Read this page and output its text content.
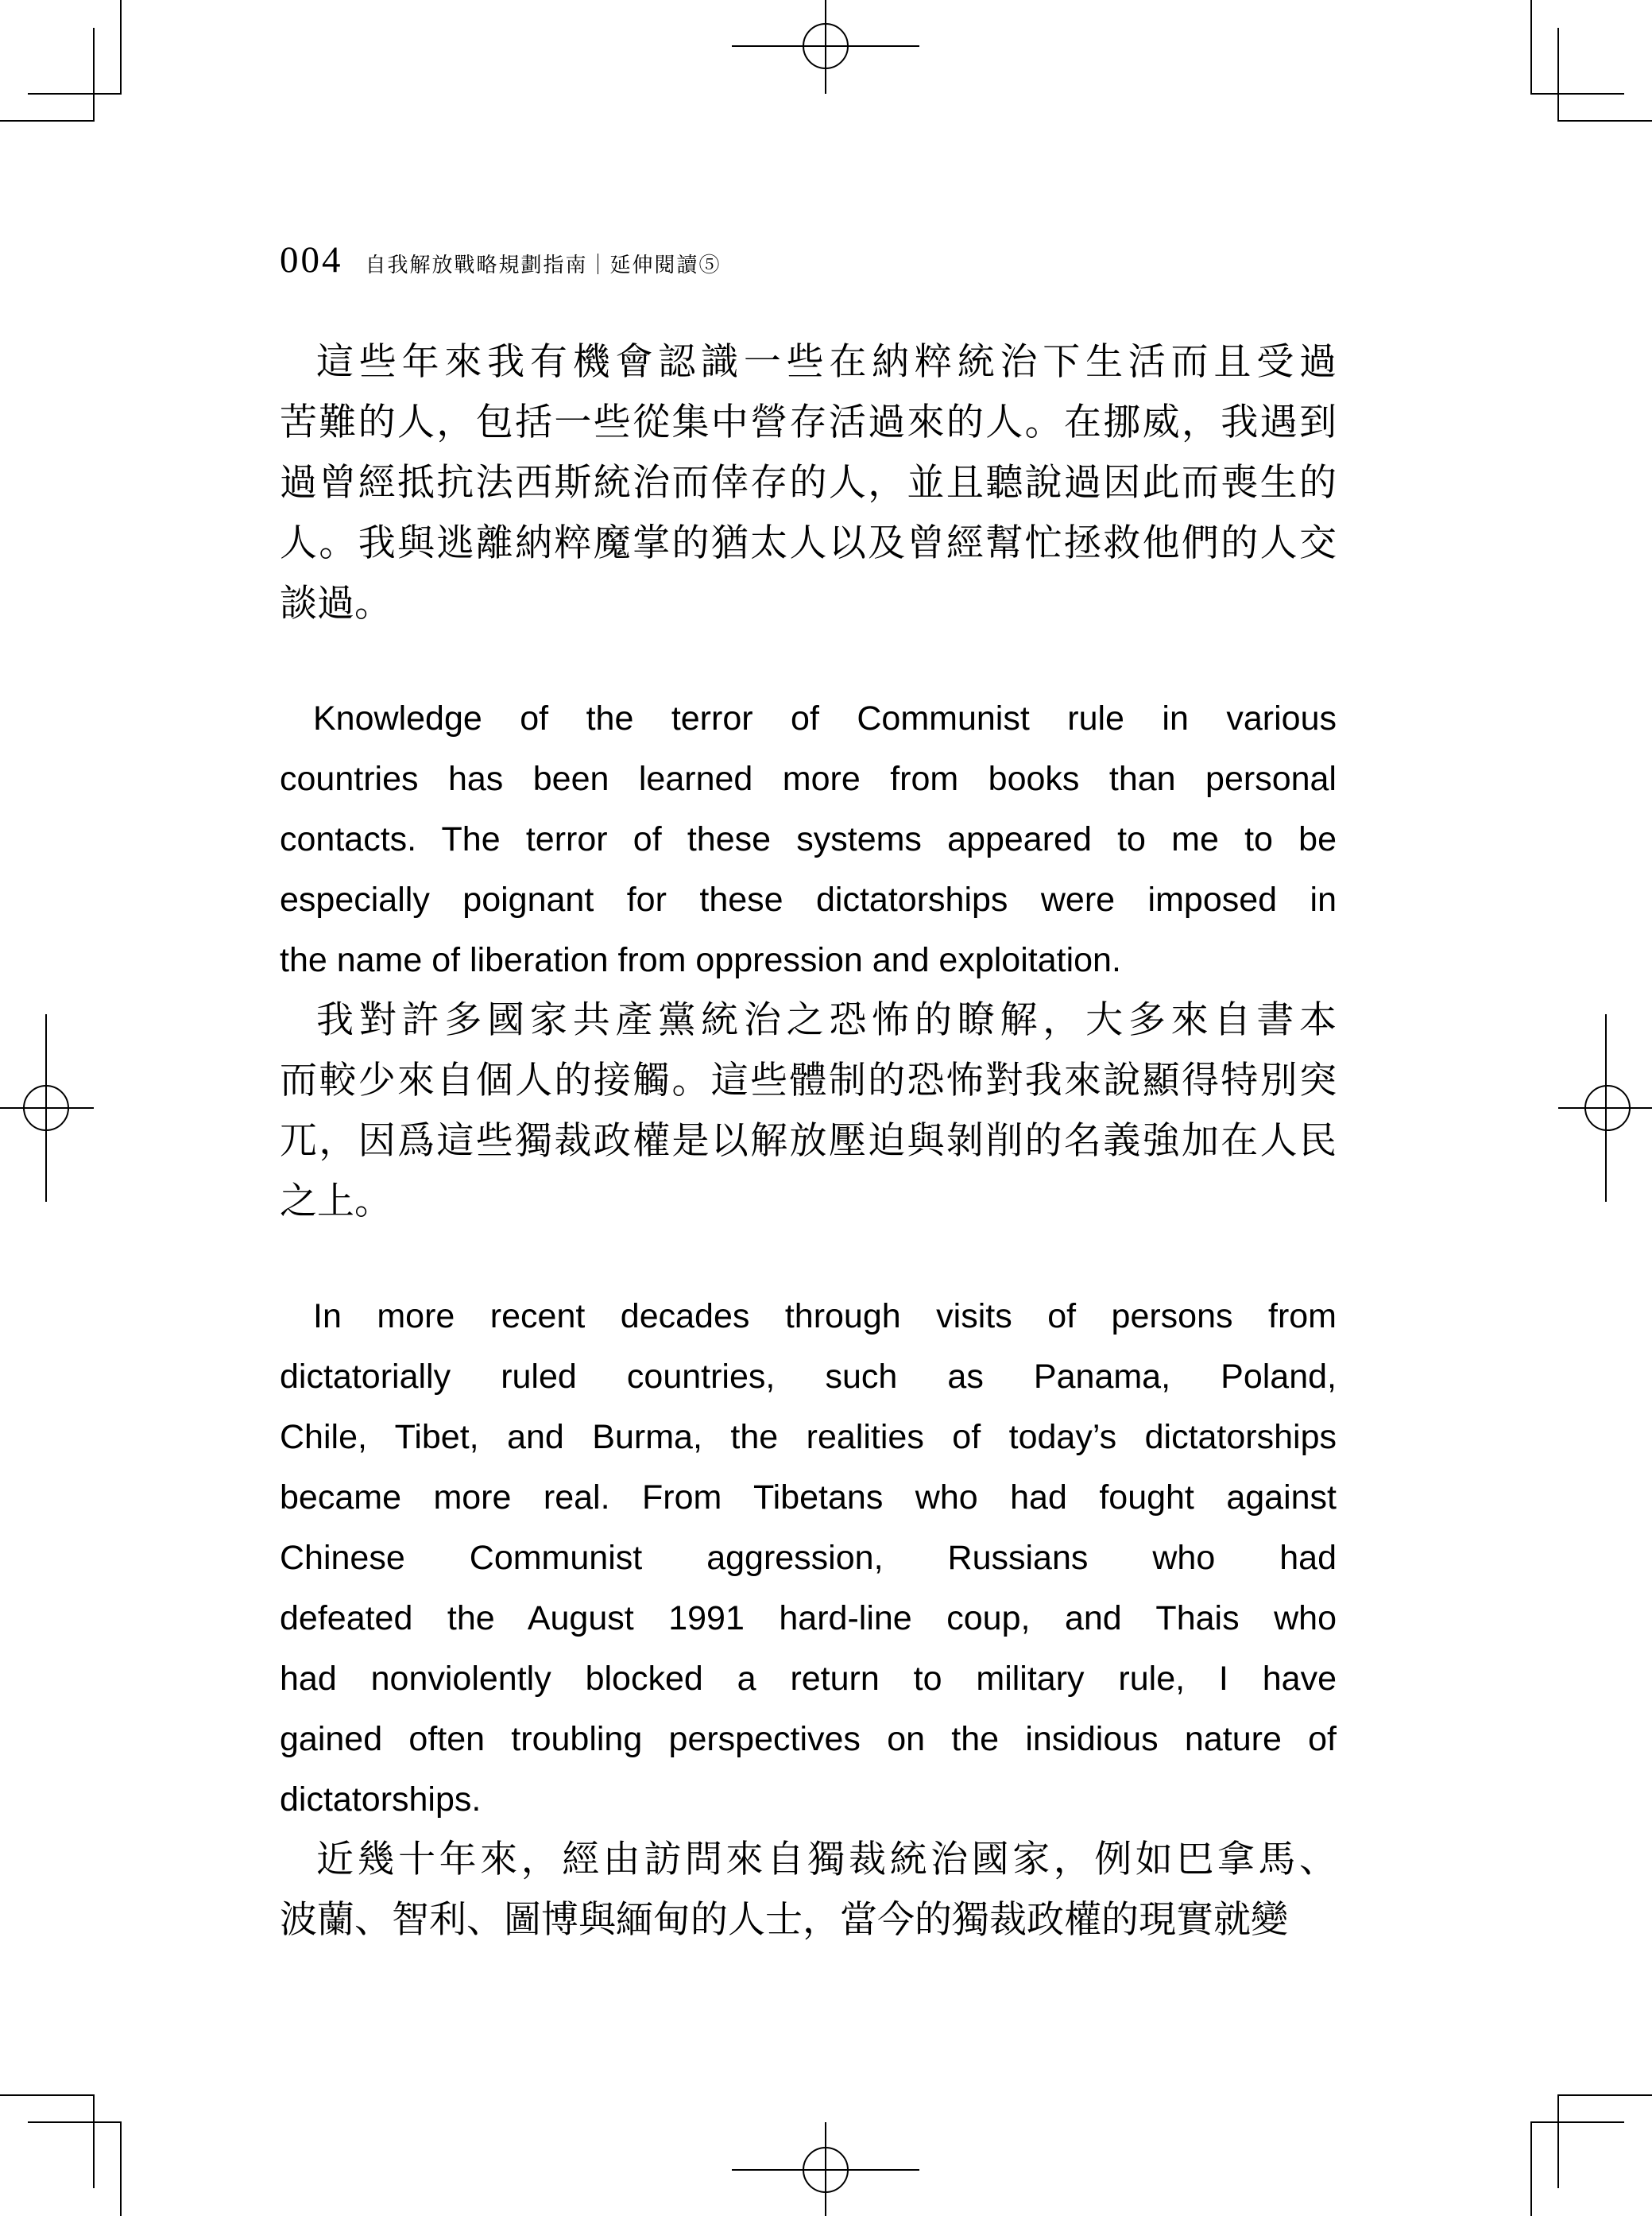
004 自我解放戰略規劃指南｜延伸閱讀⑤
這些年來我有機會認識一些在納粹統治下生活而且受過
苦難的人，包括一些從集中營存活過來的人。在挪威，我遇到
過曾經抵抗法西斯統治而倖存的人，並且聽說過因此而喪生的
人。我與逃離納粹魔掌的猶太人以及曾經幫忙拯救他們的人交
談過。
Knowledge of the terror of Communist rule in various
countries has been learned more from books than personal
contacts. The terror of these systems appeared to me to be
especially poignant for these dictatorships were imposed in
the name of liberation from oppression and exploitation.
我對許多國家共產黨統治之恐怖的瞭解，大多來自書本
而較少來自個人的接觸。這些體制的恐怖對我來說顯得特別突
兀，因爲這些獨裁政權是以解放壓迫與剝削的名義強加在人民
之上。
In more recent decades through visits of persons from
dictatorially ruled countries, such as Panama, Poland,
Chile, Tibet, and Burma, the realities of today’s dictatorships
became more real. From Tibetans who had fought against
Chinese Communist aggression, Russians who had
defeated the August 1991 hard-line coup, and Thais who
had nonviolently blocked a return to military rule, I have
gained often troubling perspectives on the insidious nature of
dictatorships.
近幾十年來，經由訪問來自獨裁統治國家，例如巴拿馬、
波蘭、智利、圖博與緬甸的人士，當今的獨裁政權的現實就變
